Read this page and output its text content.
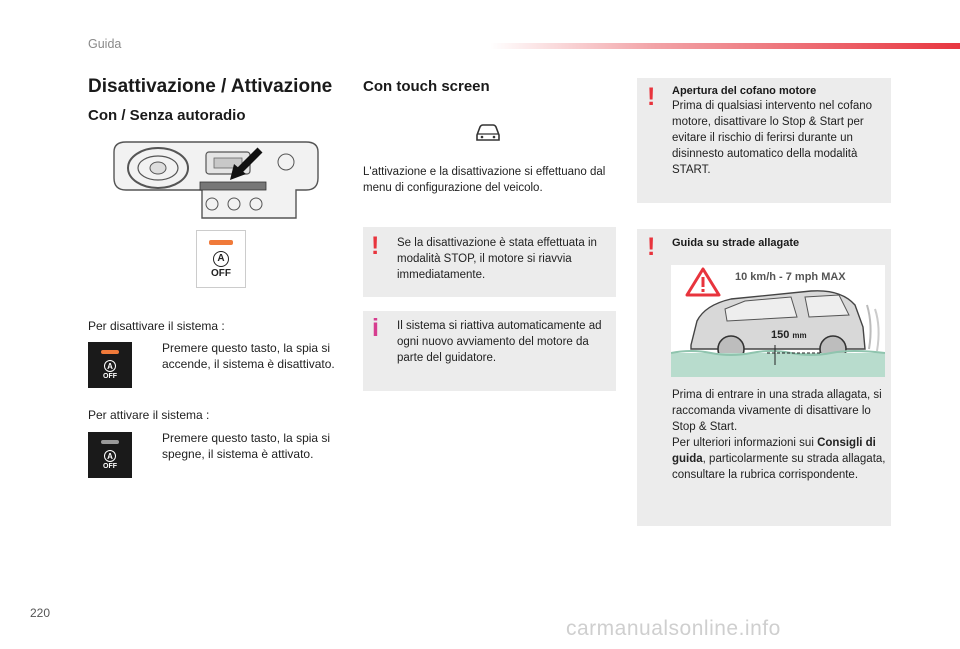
Guida
Disattivazione / Attivazione
Con / Senza autoradio
A
OFF
Per disattivare il sistema :
A
OFF
Premere questo tasto, la spia si accende, il sistema è disattivato.
Per attivare il sistema :
A
OFF
Premere questo tasto, la spia si spegne, il sistema è attivato.
Con touch screen
L'attivazione e la disattivazione si effettuano dal menu di configurazione del veicolo.
! Se la disattivazione è stata effettuata in modalità STOP, il motore si riavvia immediatamente.
i Il sistema si riattiva automaticamente ad ogni nuovo avviamento del motore da parte del guidatore.
! Apertura del cofano motore
Prima di qualsiasi intervento nel cofano motore, disattivare lo Stop & Start per evitare il rischio di ferirsi durante un disinnesto automatico della modalità START.
! Guida su strade allagate
10 km/h - 7 mph MAX
150 mm
Prima di entrare in una strada allagata, si raccomanda vivamente di disattivare lo Stop & Start.
Per ulteriori informazioni sui Consigli di guida, particolarmente su strada allagata, consultare la rubrica corrispondente.
220
carmanualsonline.info
